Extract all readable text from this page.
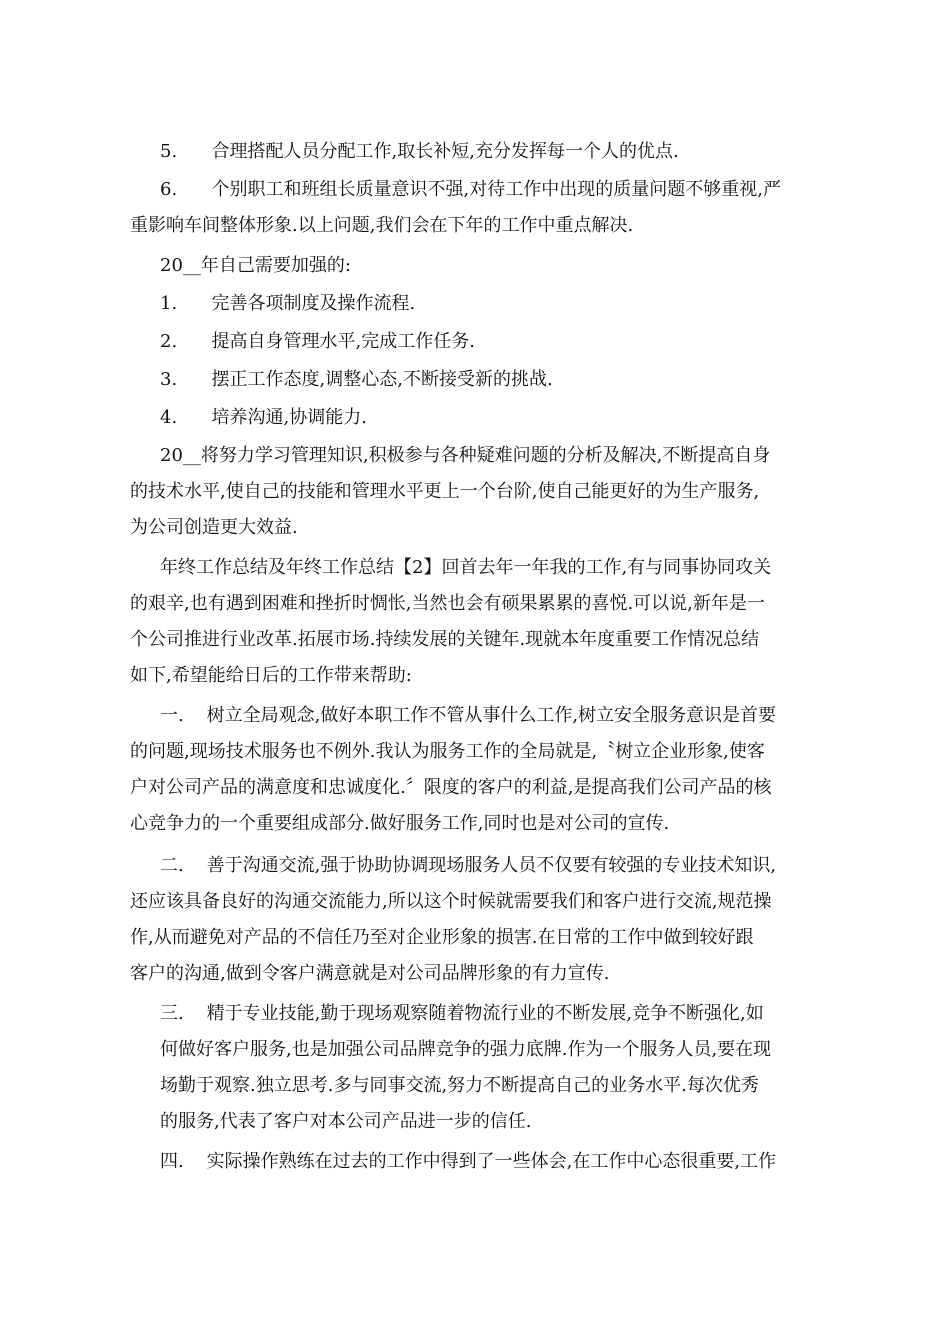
5.      合理搭配人员分配工作,取长补短,充分发挥每一个人的优点.

6.      个别职工和班组长质量意识不强,对待工作中出现的质量问题不够重视,严

重影响车间整体形象.以上问题,我们会在下年的工作中重点解决.

20__年自己需要加强的:

1.      完善各项制度及操作流程.

2.      提高自身管理水平,完成工作任务.

3.      摆正工作态度,调整心态,不断接受新的挑战.

4.      培养沟通,协调能力.

20__将努力学习管理知识,积极参与各种疑难问题的分析及解决,不断提高自身

的技术水平,使自己的技能和管理水平更上一个台阶,使自己能更好的为生产服务,

为公司创造更大效益.

年终工作总结及年终工作总结【2】回首去年一年我的工作,有与同事协同攻关

的艰辛,也有遇到困难和挫折时惆怅,当然也会有硕果累累的喜悦.可以说,新年是一

个公司推进行业改革.拓展市场.持续发展的关键年.现就本年度重要工作情况总结

如下,希望能给日后的工作带来帮助:

一.    树立全局观念,做好本职工作不管从事什么工作,树立安全服务意识是首要

的问题,现场技术服务也不例外.我认为服务工作的全局就是,〝树立企业形象,使客

户对公司产品的满意度和忠诚度化.〞限度的客户的利益,是提高我们公司产品的核

心竞争力的一个重要组成部分.做好服务工作,同时也是对公司的宣传.

二.    善于沟通交流,强于协助协调现场服务人员不仅要有较强的专业技术知识,

还应该具备良好的沟通交流能力,所以这个时候就需要我们和客户进行交流,规范操

作,从而避免对产品的不信任乃至对企业形象的损害.在日常的工作中做到较好跟

客户的沟通,做到令客户满意就是对公司品牌形象的有力宣传.

三.    精于专业技能,勤于现场观察随着物流行业的不断发展,竞争不断强化,如

何做好客户服务,也是加强公司品牌竞争的强力底牌.作为一个服务人员,要在现

场勤于观察.独立思考.多与同事交流,努力不断提高自己的业务水平.每次优秀

的服务,代表了客户对本公司产品进一步的信任.

四.    实际操作熟练在过去的工作中得到了一些体会,在工作中心态很重要,工作
